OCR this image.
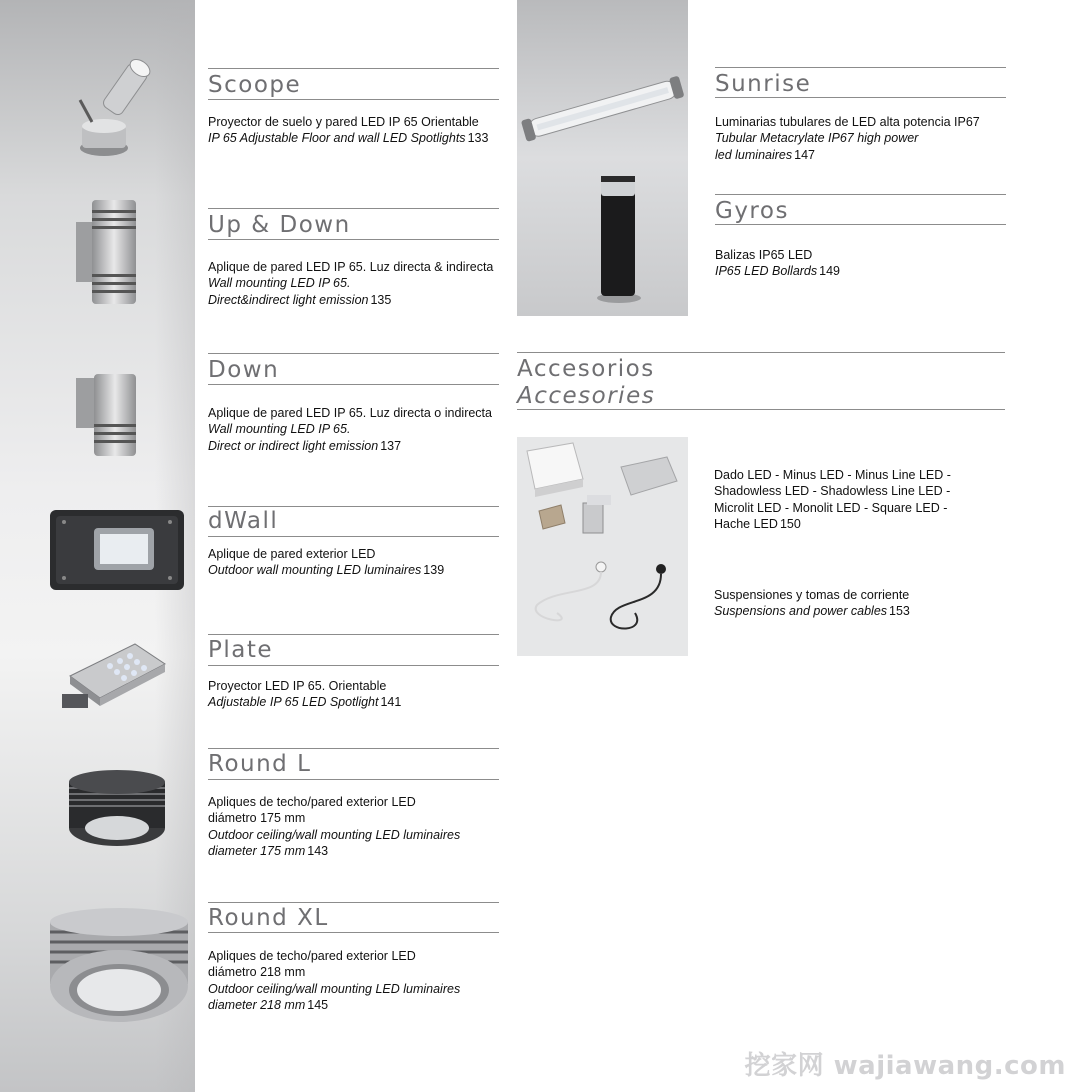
Scoope
Proyector de suelo y pared LED IP 65 Orientable
IP 65 Adjustable Floor and wall LED Spotlights 133
Up & Down
Aplique de pared LED IP 65. Luz directa & indirecta
Wall mounting LED IP 65.
Direct&indirect light emission 135
Down
Aplique de pared LED IP 65. Luz directa o indirecta
Wall mounting LED IP 65.
Direct or indirect light emission 137
dWall
Aplique de pared exterior LED
Outdoor wall mounting LED luminaires 139
Plate
Proyector LED IP 65. Orientable
Adjustable IP 65 LED Spotlight 141
Round L
Apliques de techo/pared exterior LED
diámetro 175 mm
Outdoor ceiling/wall mounting LED luminaires
diameter 175 mm 143
Round XL
Apliques de techo/pared exterior LED
diámetro 218 mm
Outdoor ceiling/wall mounting LED luminaires
diameter 218 mm 145
Sunrise
Luminarias tubulares de LED alta potencia IP67
Tubular Metacrylate IP67 high power
led luminaires 147
Gyros
Balizas IP65 LED
IP65 LED Bollards 149
Accesorios
Accesories
Dado LED - Minus LED - Minus Line LED -
Shadowless LED - Shadowless Line LED -
Microlit LED - Monolit LED - Square LED -
Hache LED 150
Suspensiones y tomas de corriente
Suspensions and power cables 153
挖家网 wajiawang.com
